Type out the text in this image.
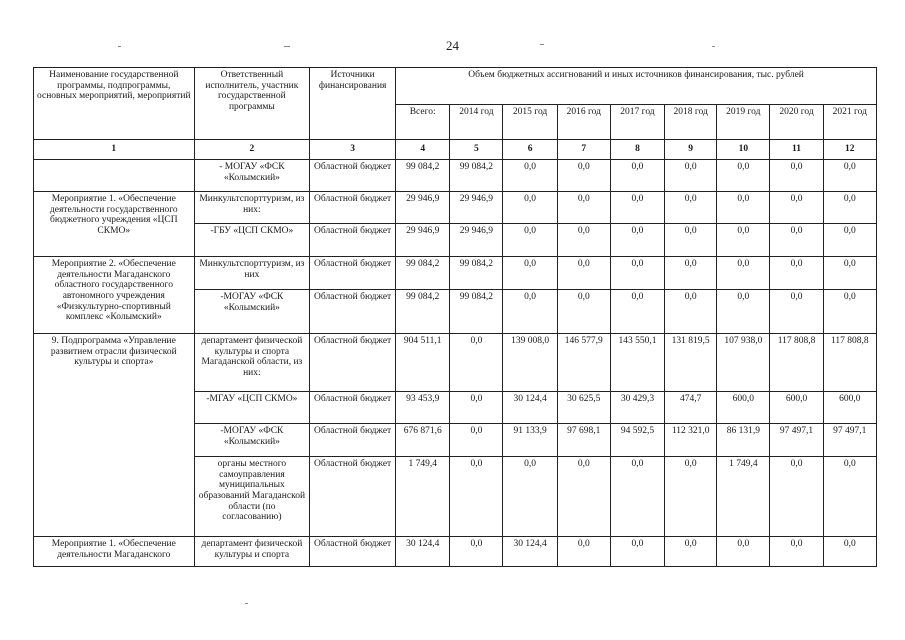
24
Наименование государственной программы, подпрограммы, основных мероприятий, мероприятий	Ответственный исполнитель, участник государственной программы	Источники финансирования	Объем бюджетных ассигнований и иных источников финансирования, тыс. рублей								
			Всего:	2014 год	2015 год	2016 год	2017 год	2018 год	2019 год	2020 год	2021 год
1	2	3	4	5	6	7	8	9	10	11	12
	- МОГАУ «ФСК «Колымский»	Областной бюджет	99 084,2	99 084,2	0,0	0,0	0,0	0,0	0,0	0,0	0,0
Мероприятие 1. «Обеспечение деятельности государственного бюджетного учреждения «ЦСП СКМО»	Минкультспорттуризм, из них:	Областной бюджет	29 946,9	29 946,9	0,0	0,0	0,0	0,0	0,0	0,0	0,0
	-ГБУ «ЦСП СКМО»	Областной бюджет	29 946,9	29 946,9	0,0	0,0	0,0	0,0	0,0	0,0	0,0
Мероприятие 2. «Обеспечение деятельности Магаданского областного государственного автономного учреждения «Физкультурно-спортивный комплекс «Колымский»	Минкультспорттуризм, из них	Областной бюджет	99 084,2	99 084,2	0,0	0,0	0,0	0,0	0,0	0,0	0,0
	-МОГАУ «ФСК «Колымский»	Областной бюджет	99 084,2	99 084,2	0,0	0,0	0,0	0,0	0,0	0,0	0,0
9. Подпрограмма «Управление развитием отрасли физической культуры и спорта»	департамент физической культуры и спорта Магаданской области, из них:	Областной бюджет	904 511,1	0,0	139 008,0	146 577,9	143 550,1	131 819,5	107 938,0	117 808,8	117 808,8
	-МГАУ «ЦСП СКМО»	Областной бюджет	93 453,9	0,0	30 124,4	30 625,5	30 429,3	474,7	600,0	600,0	600,0
	-МОГАУ «ФСК «Колымский»	Областной бюджет	676 871,6	0,0	91 133,9	97 698,1	94 592,5	112 321,0	86 131,9	97 497,1	97 497,1
	органы местного самоуправления муниципальных образований Магаданской области (по согласованию)	Областной бюджет	1 749,4	0,0	0,0	0,0	0,0	0,0	1 749,4	0,0	0,0
Мероприятие 1. «Обеспечение деятельности Магаданского	департамент физической культуры и спорта	Областной бюджет	30 124,4	0,0	30 124,4	0,0	0,0	0,0	0,0	0,0	0,0
